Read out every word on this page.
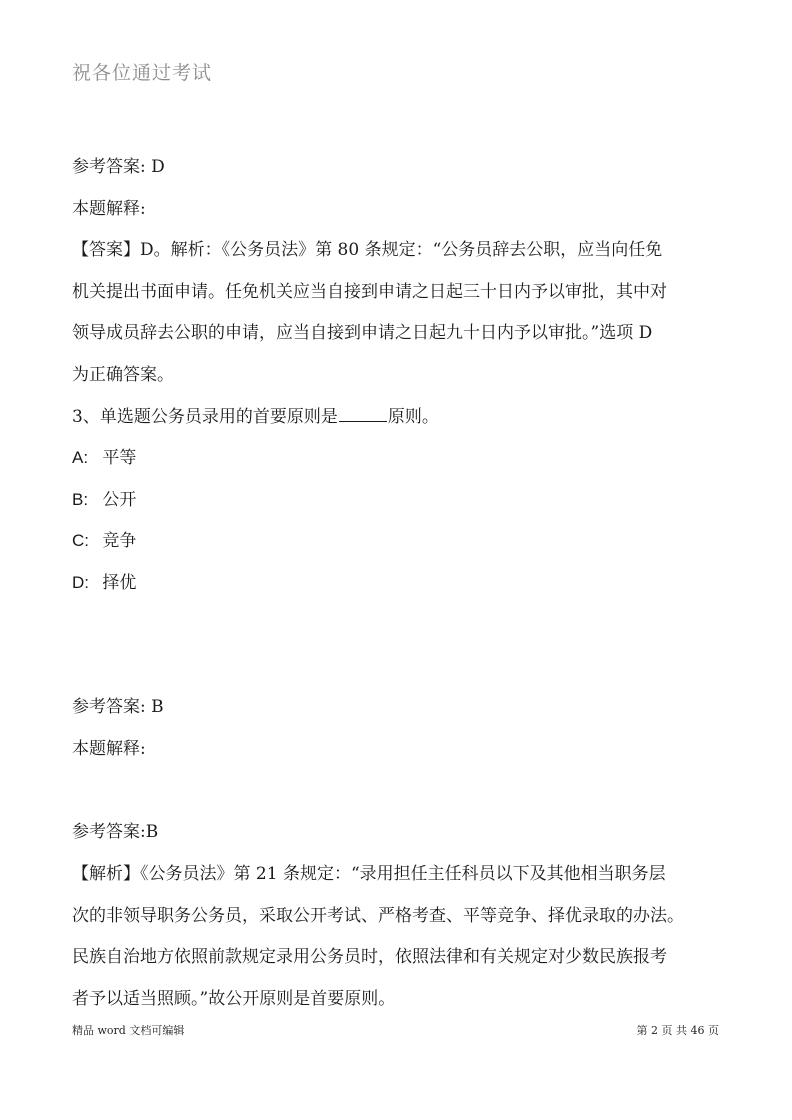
祝各位通过考试
参考答案: D
本题解释:
【答案】D。解析：《公务员法》第 80 条规定：“公务员辞去公职，应当向任免
机关提出书面申请。任免机关应当自接到申请之日起三十日内予以审批，其中对
领导成员辞去公职的申请，应当自接到申请之日起九十日内予以审批。”选项 D
为正确答案。
3、单选题公务员录用的首要原则是	原则。
A: 平等
B: 公开
C: 竞争
D: 择优
参考答案: B
本题解释:
参考答案:B
【解析】《公务员法》第 21 条规定：“录用担任主任科员以下及其他相当职务层
次的非领导职务公务员，采取公开考试、严格考查、平等竞争、择优录取的办法。
民族自治地方依照前款规定录用公务员时，依照法律和有关规定对少数民族报考
者予以适当照顾。”故公开原则是首要原则。
精品 word 文档可编辑	第 2 页 共 46 页
